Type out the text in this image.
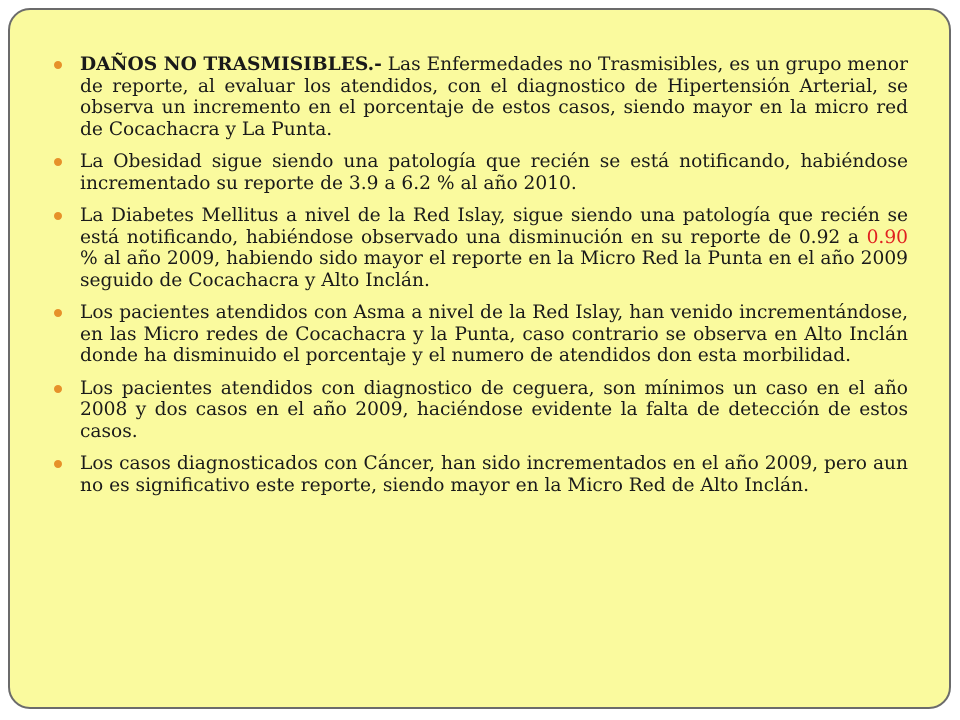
DAÑOS NO TRASMISIBLES.- Las Enfermedades no Trasmisibles, es un grupo menor de reporte, al evaluar los atendidos, con el diagnostico de Hipertensión Arterial, se observa un incremento en el porcentaje de estos casos, siendo mayor en la micro red de Cocachacra y La Punta.
La Obesidad sigue siendo una patología que recién se está notificando, habiéndose incrementado su reporte de 3.9 a 6.2 % al año 2010.
La Diabetes Mellitus a nivel de la Red Islay, sigue siendo una patología que recién se está notificando, habiéndose observado una disminución en su reporte de 0.92 a 0.90 % al año 2009, habiendo sido mayor el reporte en la Micro Red la Punta en el año 2009 seguido de Cocachacra y Alto Inclán.
Los pacientes atendidos con Asma a nivel de la Red Islay, han venido incrementándose, en las Micro redes de Cocachacra y la Punta, caso contrario se observa en Alto Inclán donde ha disminuido el porcentaje y el numero de atendidos don esta morbilidad.
Los pacientes atendidos con diagnostico de ceguera, son mínimos un caso en el año 2008 y dos casos en el año 2009, haciéndose evidente la falta de detección de estos casos.
Los casos diagnosticados con Cáncer, han sido incrementados en el año 2009, pero aun no es significativo este reporte, siendo mayor en la Micro Red de Alto Inclán.
